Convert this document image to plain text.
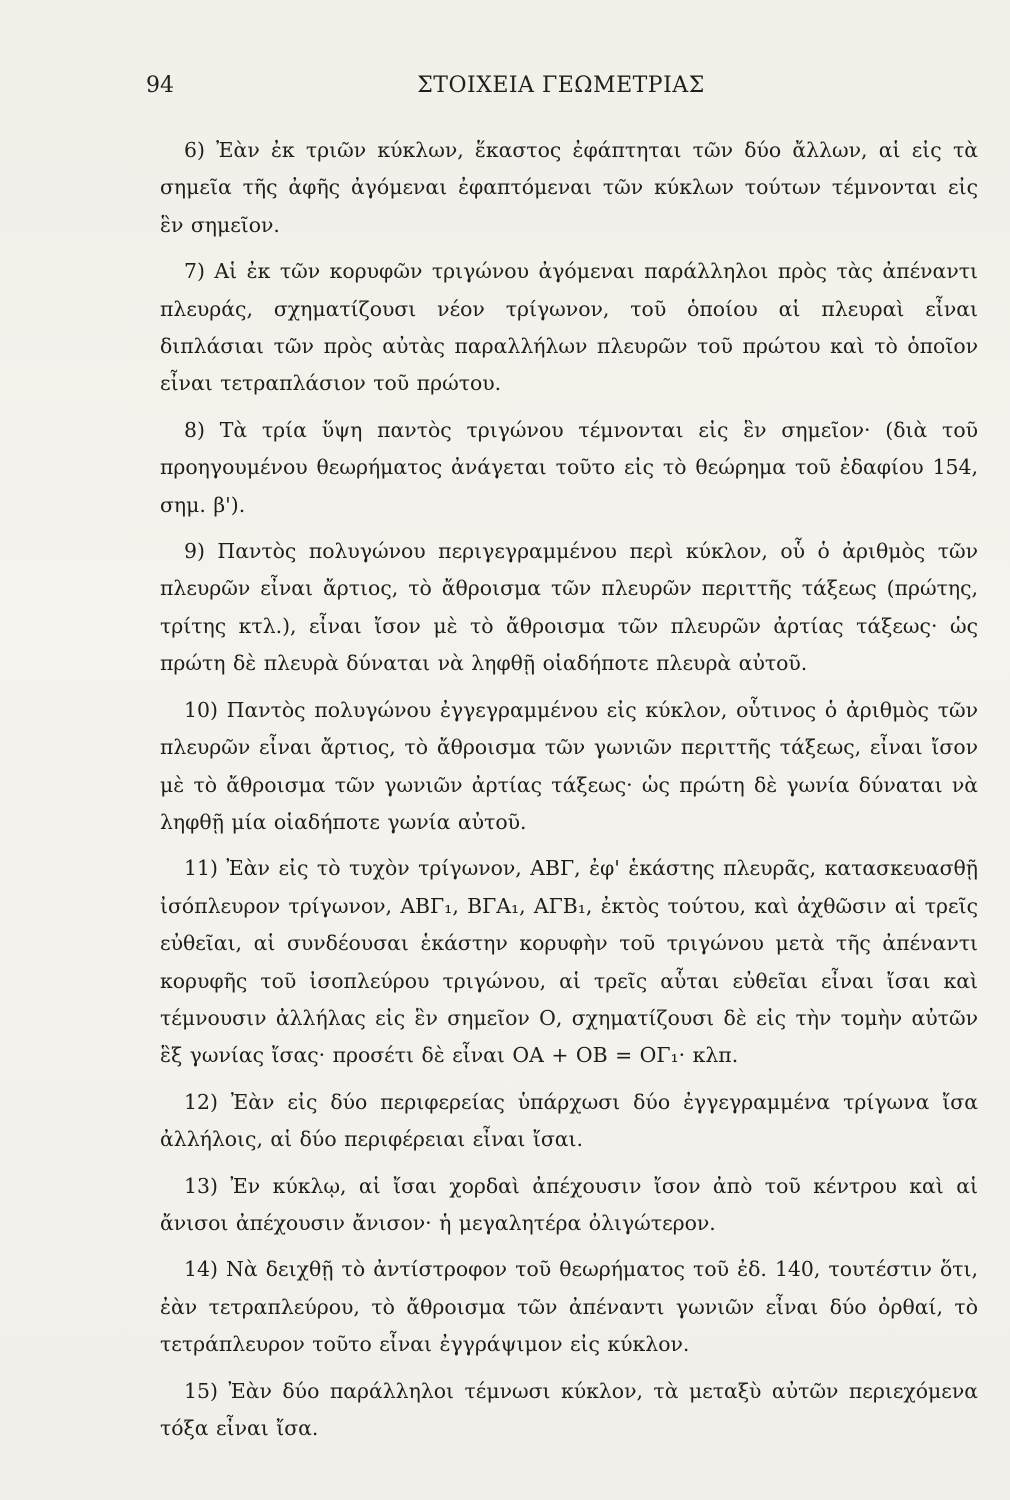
94	ΣΤΟΙΧΕΙΑ ΓΕΩΜΕΤΡΙΑΣ

6) Ἐὰν ἐκ τριῶν κύκλων, ἕκαστος ἐφάπτηται τῶν δύο ἄλλων, αἱ εἰς τὰ σημεῖα τῆς ἀφῆς ἀγόμεναι ἐφαπτόμεναι τῶν κύκλων τούτων τέμνονται εἰς ἓν σημεῖον.

7) Αἱ ἐκ τῶν κορυφῶν τριγώνου ἀγόμεναι παράλληλοι πρὸς τὰς ἀπέναντι πλευράς, σχηματίζουσι νέον τρίγωνον, τοῦ ὁποίου αἱ πλευραὶ εἶναι διπλάσιαι τῶν πρὸς αὐτὰς παραλλήλων πλευρῶν τοῦ πρώτου καὶ τὸ ὁποῖον εἶναι τετραπλάσιον τοῦ πρώτου.

8) Τὰ τρία ὕψη παντὸς τριγώνου τέμνονται εἰς ἓν σημεῖον· (διὰ τοῦ προηγουμένου θεωρήματος ἀνάγεται τοῦτο εἰς τὸ θεώρημα τοῦ ἐδαφίου 154, σημ. β').

9) Παντὸς πολυγώνου περιγεγραμμένου περὶ κύκλον, οὗ ὁ ἀριθμὸς τῶν πλευρῶν εἶναι ἄρτιος, τὸ ἄθροισμα τῶν πλευρῶν περιττῆς τάξεως (πρώτης, τρίτης κτλ.), εἶναι ἴσον μὲ τὸ ἄθροισμα τῶν πλευρῶν ἀρτίας τάξεως· ὡς πρώτη δὲ πλευρὰ δύναται νὰ ληφθῇ οἱαδήποτε πλευρὰ αὐτοῦ.

10) Παντὸς πολυγώνου ἐγγεγραμμένου εἰς κύκλον, οὗτινος ὁ ἀριθμὸς τῶν πλευρῶν εἶναι ἄρτιος, τὸ ἄθροισμα τῶν γωνιῶν περιττῆς τάξεως, εἶναι ἴσον μὲ τὸ ἄθροισμα τῶν γωνιῶν ἀρτίας τάξεως· ὡς πρώτη δὲ γωνία δύναται νὰ ληφθῇ μία οἱαδήποτε γωνία αὐτοῦ.

11) Ἐὰν εἰς τὸ τυχὸν τρίγωνον, ΑΒΓ, ἐφ' ἑκάστης πλευρᾶς, κατασκευασθῇ ἰσόπλευρον τρίγωνον, ΑΒΓ₁, ΒΓΑ₁, ΑΓΒ₁, ἐκτὸς τούτου, καὶ ἀχθῶσιν αἱ τρεῖς εὐθεῖαι, αἱ συνδέουσαι ἑκάστην κορυφὴν τοῦ τριγώνου μετὰ τῆς ἀπέναντι κορυφῆς τοῦ ἰσοπλεύρου τριγώνου, αἱ τρεῖς αὗται εὐθεῖαι εἶναι ἴσαι καὶ τέμνουσιν ἀλλήλας εἰς ἓν σημεῖον Ο, σχηματίζουσι δὲ εἰς τὴν τομὴν αὐτῶν ἓξ γωνίας ἴσας· προσέτι δὲ εἶναι ΟΑ + ΟΒ = ΟΓ₁· κλπ.

12) Ἐὰν εἰς δύο περιφερείας ὑπάρχωσι δύο ἐγγεγραμμένα τρίγωνα ἴσα ἀλλήλοις, αἱ δύο περιφέρειαι εἶναι ἴσαι.

13) Ἐν κύκλῳ, αἱ ἴσαι χορδαὶ ἀπέχουσιν ἴσον ἀπὸ τοῦ κέντρου καὶ αἱ ἄνισοι ἀπέχουσιν ἄνισον· ἡ μεγαλητέρα ὀλιγώτερον.

14) Νὰ δειχθῇ τὸ ἀντίστροφον τοῦ θεωρήματος τοῦ ἐδ. 140, τουτέστιν ὅτι, ἐὰν τετραπλεύρου, τὸ ἄθροισμα τῶν ἀπέναντι γωνιῶν εἶναι δύο ὀρθαί, τὸ τετράπλευρον τοῦτο εἶναι ἐγγράψιμον εἰς κύκλον.

15) Ἐὰν δύο παράλληλοι τέμνωσι κύκλον, τὰ μεταξὺ αὐτῶν περιεχόμενα τόξα εἶναι ἴσα.
